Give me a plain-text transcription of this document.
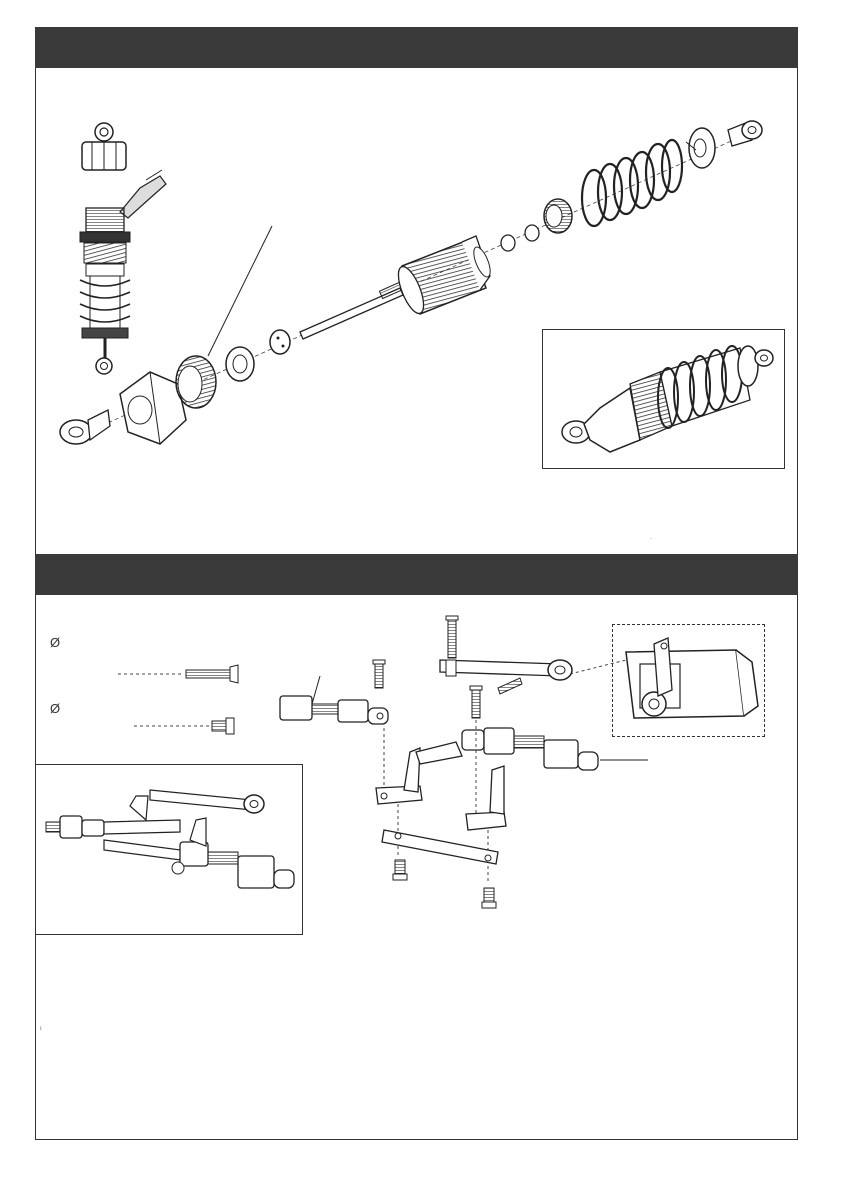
Ø
Ø
·
ı
